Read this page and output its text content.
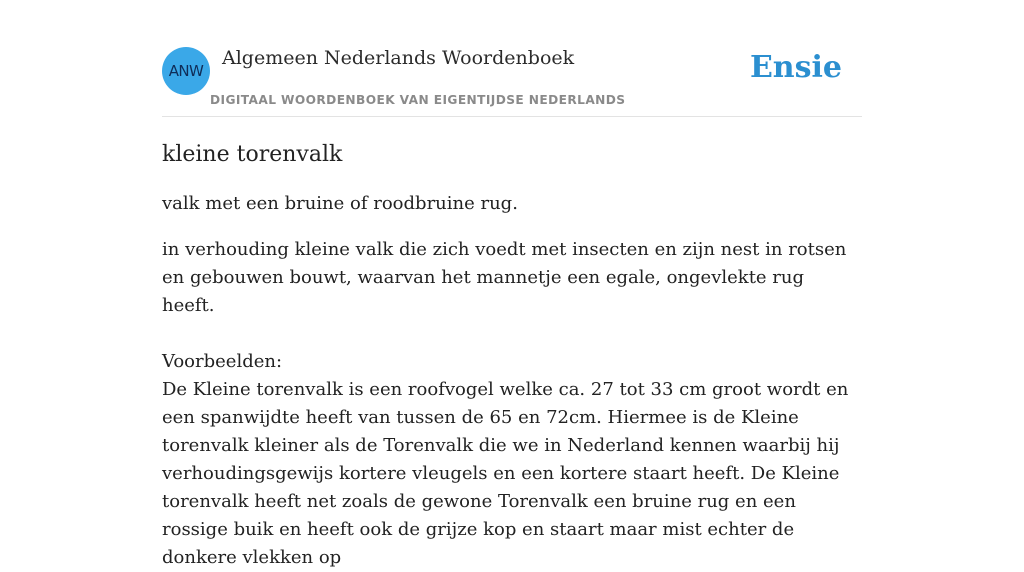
ANW
Algemeen Nederlands Woordenboek
DIGITAAL WOORDENBOEK VAN EIGENTIJDSE NEDERLANDS
Ensie
kleine torenvalk

valk met een bruine of roodbruine rug.

in verhouding kleine valk die zich voedt met insecten en zijn nest in rotsen en gebouwen bouwt, waarvan het mannetje een egale, ongevlekte rug heeft.

Voorbeelden:

De Kleine torenvalk is een roofvogel welke ca. 27 tot 33 cm groot wordt en een spanwijdte heeft van tussen de 65 en 72cm. Hiermee is de Kleine torenvalk kleiner als de Torenvalk die we in Nederland kennen waarbij hij verhoudingsgewijs kortere vleugels en een kortere staart heeft. De Kleine torenvalk heeft net zoals de gewone Torenvalk een bruine rug en een rossige buik en heeft ook de grijze kop en staart maar mist echter de donkere vlekken op
